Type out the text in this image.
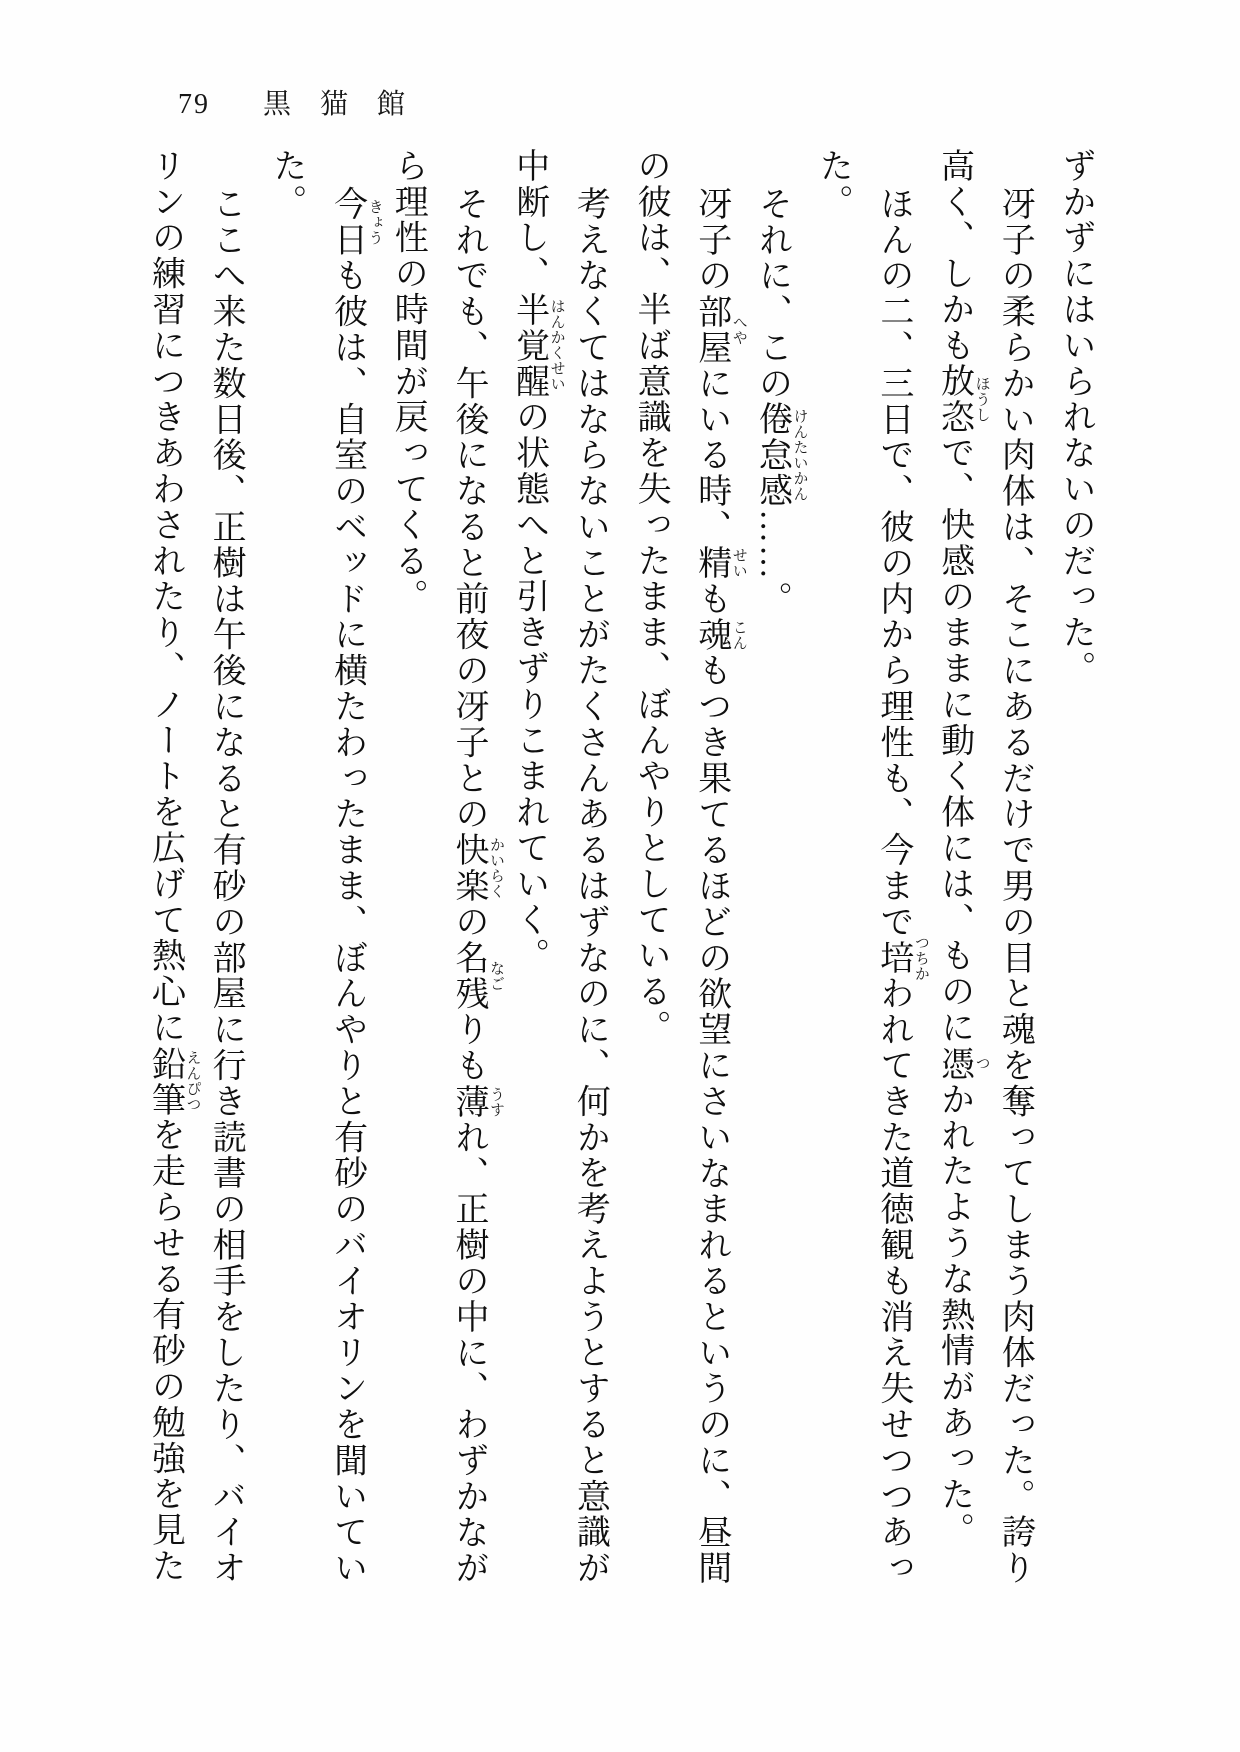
79 黒猫館
ずかずにはいられないのだった。
冴子の柔らかい肉体は、そこにあるだけで男の目と魂を奪ってしまう肉体だった。誇り
高く、しかも放恣 ほうし
で、快感のままに動く体には、ものに憑 つ
かれたような熱情があった。
ほんの二、三日で、彼の内から理性も、今まで培 つちか
われてきた道徳観も消え失せつつあっ
た。
それに、この倦怠感 けんたいかん
……。
冴子の部屋 へや
にいる時、精 せい
も魂 こん
もつき果てるほどの欲望にさいなまれるというのに、昼間
の彼は、半ば意識を失ったまま、ぼんやりとしている。
考えなくてはならないことがたくさんあるはずなのに、何かを考えようとすると意識が
中断し、半覚醒 はんかくせい
の状態へと引きずりこまれていく。
それでも、午後になると前夜の冴子との快楽 かいらく
の名残 なご
りも薄 うす
れ、正樹の中に、わずかなが
ら理性の時間が戻ってくる。
今日 きょう
も彼は、自室のベッドに横たわったまま、ぼんやりと有砂のバイオリンを聞いてい
た。
ここへ来た数日後、正樹は午後になると有砂の部屋に行き読書の相手をしたり、バイオ
リンの練習につきあわされたり、ノートを広げて熱心に鉛筆 えんぴつ
を走らせる有砂の勉強を見た
